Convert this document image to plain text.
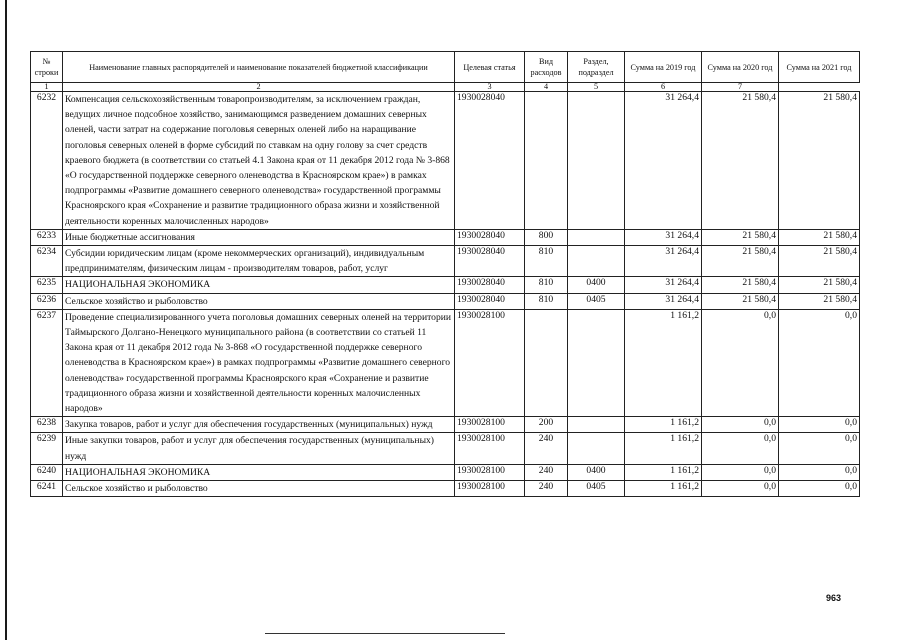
№ строки	Наименование главных распорядителей и наименование показателей бюджетной классификации	Целевая статья	Вид расходов	Раздел, подраздел	Сумма на 2019 год	Сумма на 2020 год	Сумма на 2021 год
1	2	3	4	5	6	7	
6232	Компенсация сельскохозяйственным товаропроизводителям, за исключением граждан, ведущих личное подсобное хозяйство, занимающимся разведением домашних северных оленей, части затрат на содержание поголовья северных оленей либо на наращивание поголовья северных оленей в форме субсидий по ставкам на одну голову за счет средств краевого бюджета (в соответствии со статьей 4.1 Закона края от 11 декабря 2012 года № 3-868 «О государственной поддержке северного оленеводства в Красноярском крае») в рамках подпрограммы «Развитие домашнего северного оленеводства» государственной программы Красноярского края «Сохранение и развитие традиционного образа жизни и хозяйственной деятельности коренных малочисленных народов»	1930028040			31 264,4	21 580,4	21 580,4
6233	Иные бюджетные ассигнования	1930028040	800		31 264,4	21 580,4	21 580,4
6234	Субсидии юридическим лицам (кроме некоммерческих организаций), индивидуальным предпринимателям, физическим лицам - производителям товаров, работ, услуг	1930028040	810		31 264,4	21 580,4	21 580,4
6235	НАЦИОНАЛЬНАЯ ЭКОНОМИКА	1930028040	810	0400	31 264,4	21 580,4	21 580,4
6236	Сельское хозяйство и рыболовство	1930028040	810	0405	31 264,4	21 580,4	21 580,4
6237	Проведение специализированного учета поголовья домашних северных оленей на территории Таймырского Долгано-Ненецкого муниципального района (в соответствии со статьей 11 Закона края от 11 декабря 2012 года № 3-868 «О государственной поддержке северного оленеводства в Красноярском крае») в рамках подпрограммы «Развитие домашнего северного оленеводства» государственной программы Красноярского края «Сохранение и развитие традиционного образа жизни и хозяйственной деятельности коренных малочисленных народов»	1930028100			1 161,2	0,0	0,0
6238	Закупка товаров, работ и услуг для обеспечения государственных (муниципальных) нужд	1930028100	200		1 161,2	0,0	0,0
6239	Иные закупки товаров, работ и услуг для обеспечения государственных (муниципальных) нужд	1930028100	240		1 161,2	0,0	0,0
6240	НАЦИОНАЛЬНАЯ ЭКОНОМИКА	1930028100	240	0400	1 161,2	0,0	0,0
6241	Сельское хозяйство и рыболовство	1930028100	240	0405	1 161,2	0,0	0,0
963
